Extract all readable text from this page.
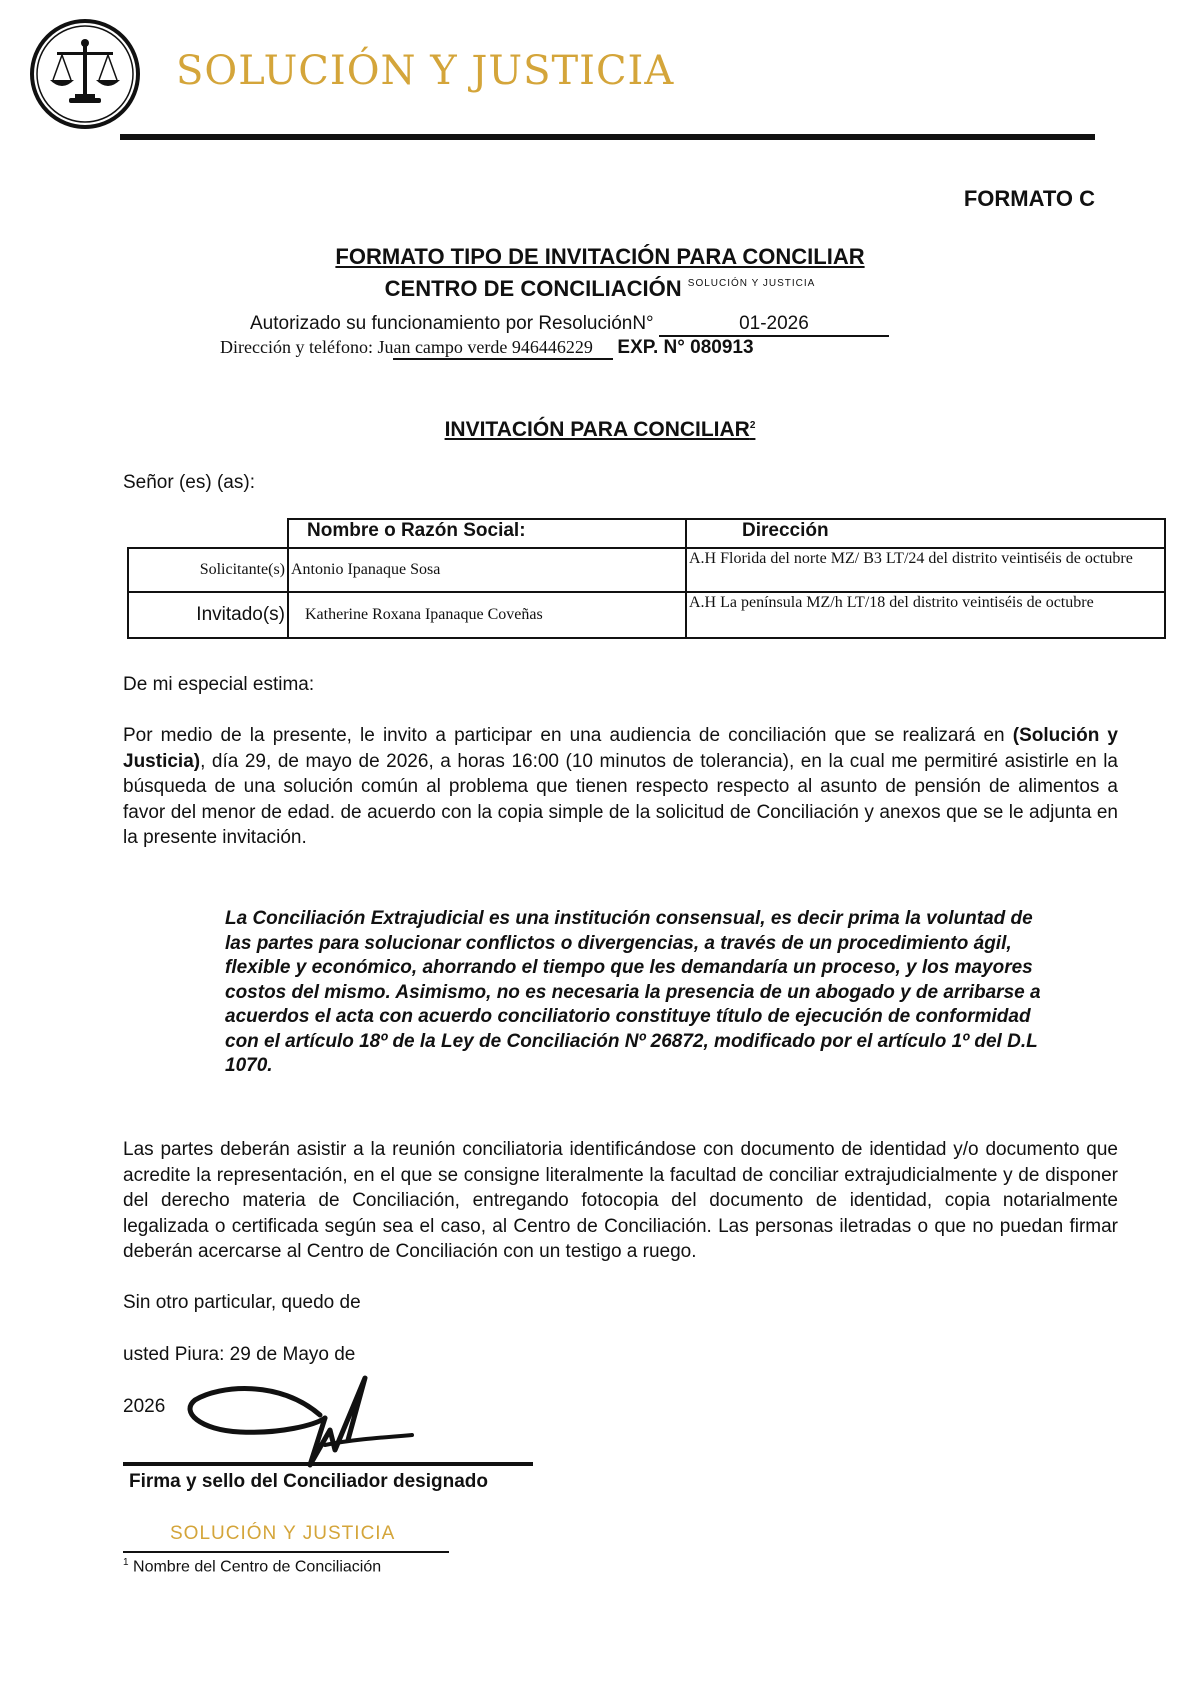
SOLUCIÓN Y JUSTICIA
FORMATO C
FORMATO TIPO DE INVITACIÓN PARA CONCILIAR
CENTRO DE CONCILIACIÓN $^{SOLUCIÓN Y JUSTICIA}$
Autorizado su funcionamiento por ResoluciónN°	01-2026
Dirección y teléfono: Juan campo verde 946446229 EXP. N° 080913
INVITACIÓN PARA CONCILIAR$^2$
Señor (es) (as):
	Nombre o Razón Social:	Dirección
Solicitante(s)	Antonio Ipanaque Sosa	A.H Florida del norte MZ/ B3 LT/24 del distrito veintiséis de octubre
Invitado(s)	Katherine Roxana Ipanaque Coveñas	A.H La península MZ/h LT/18 del distrito veintiséis de octubre
De mi especial estima:
Por medio de la presente, le invito a participar en una audiencia de conciliación que se realizará en (Solución y Justicia), día 29, de mayo de 2026, a horas 16:00 (10 minutos de tolerancia), en la cual me permitiré asistirle en la búsqueda de una solución común al problema que tienen respecto respecto al asunto de pensión de alimentos a favor del menor de edad. de acuerdo con la copia simple de la solicitud de Conciliación y anexos que se le adjunta en la presente invitación.
La Conciliación Extrajudicial es una institución consensual, es decir prima la voluntad de las partes para solucionar conflictos o divergencias, a través de un procedimiento ágil, flexible y económico, ahorrando el tiempo que les demandaría un proceso, y los mayores costos del mismo. Asimismo, no es necesaria la presencia de un abogado y de arribarse a acuerdos el acta con acuerdo conciliatorio constituye título de ejecución de conformidad con el artículo 18º de la Ley de Conciliación Nº 26872, modificado por el artículo 1º del D.L 1070.
Las partes deberán asistir a la reunión conciliatoria identificándose con documento de identidad y/o documento que acredite la representación, en el que se consigne literalmente la facultad de conciliar extrajudicialmente y de disponer del derecho materia de Conciliación, entregando fotocopia del documento de identidad, copia notarialmente legalizada o certificada según sea el caso, al Centro de Conciliación. Las personas iletradas o que no puedan firmar deberán acercarse al Centro de Conciliación con un testigo a ruego.
Sin otro particular, quedo de
usted Piura: 29 de Mayo de
2026
Firma y sello del Conciliador designado
SOLUCIÓN Y JUSTICIA
$^1$ Nombre del Centro de Conciliación
